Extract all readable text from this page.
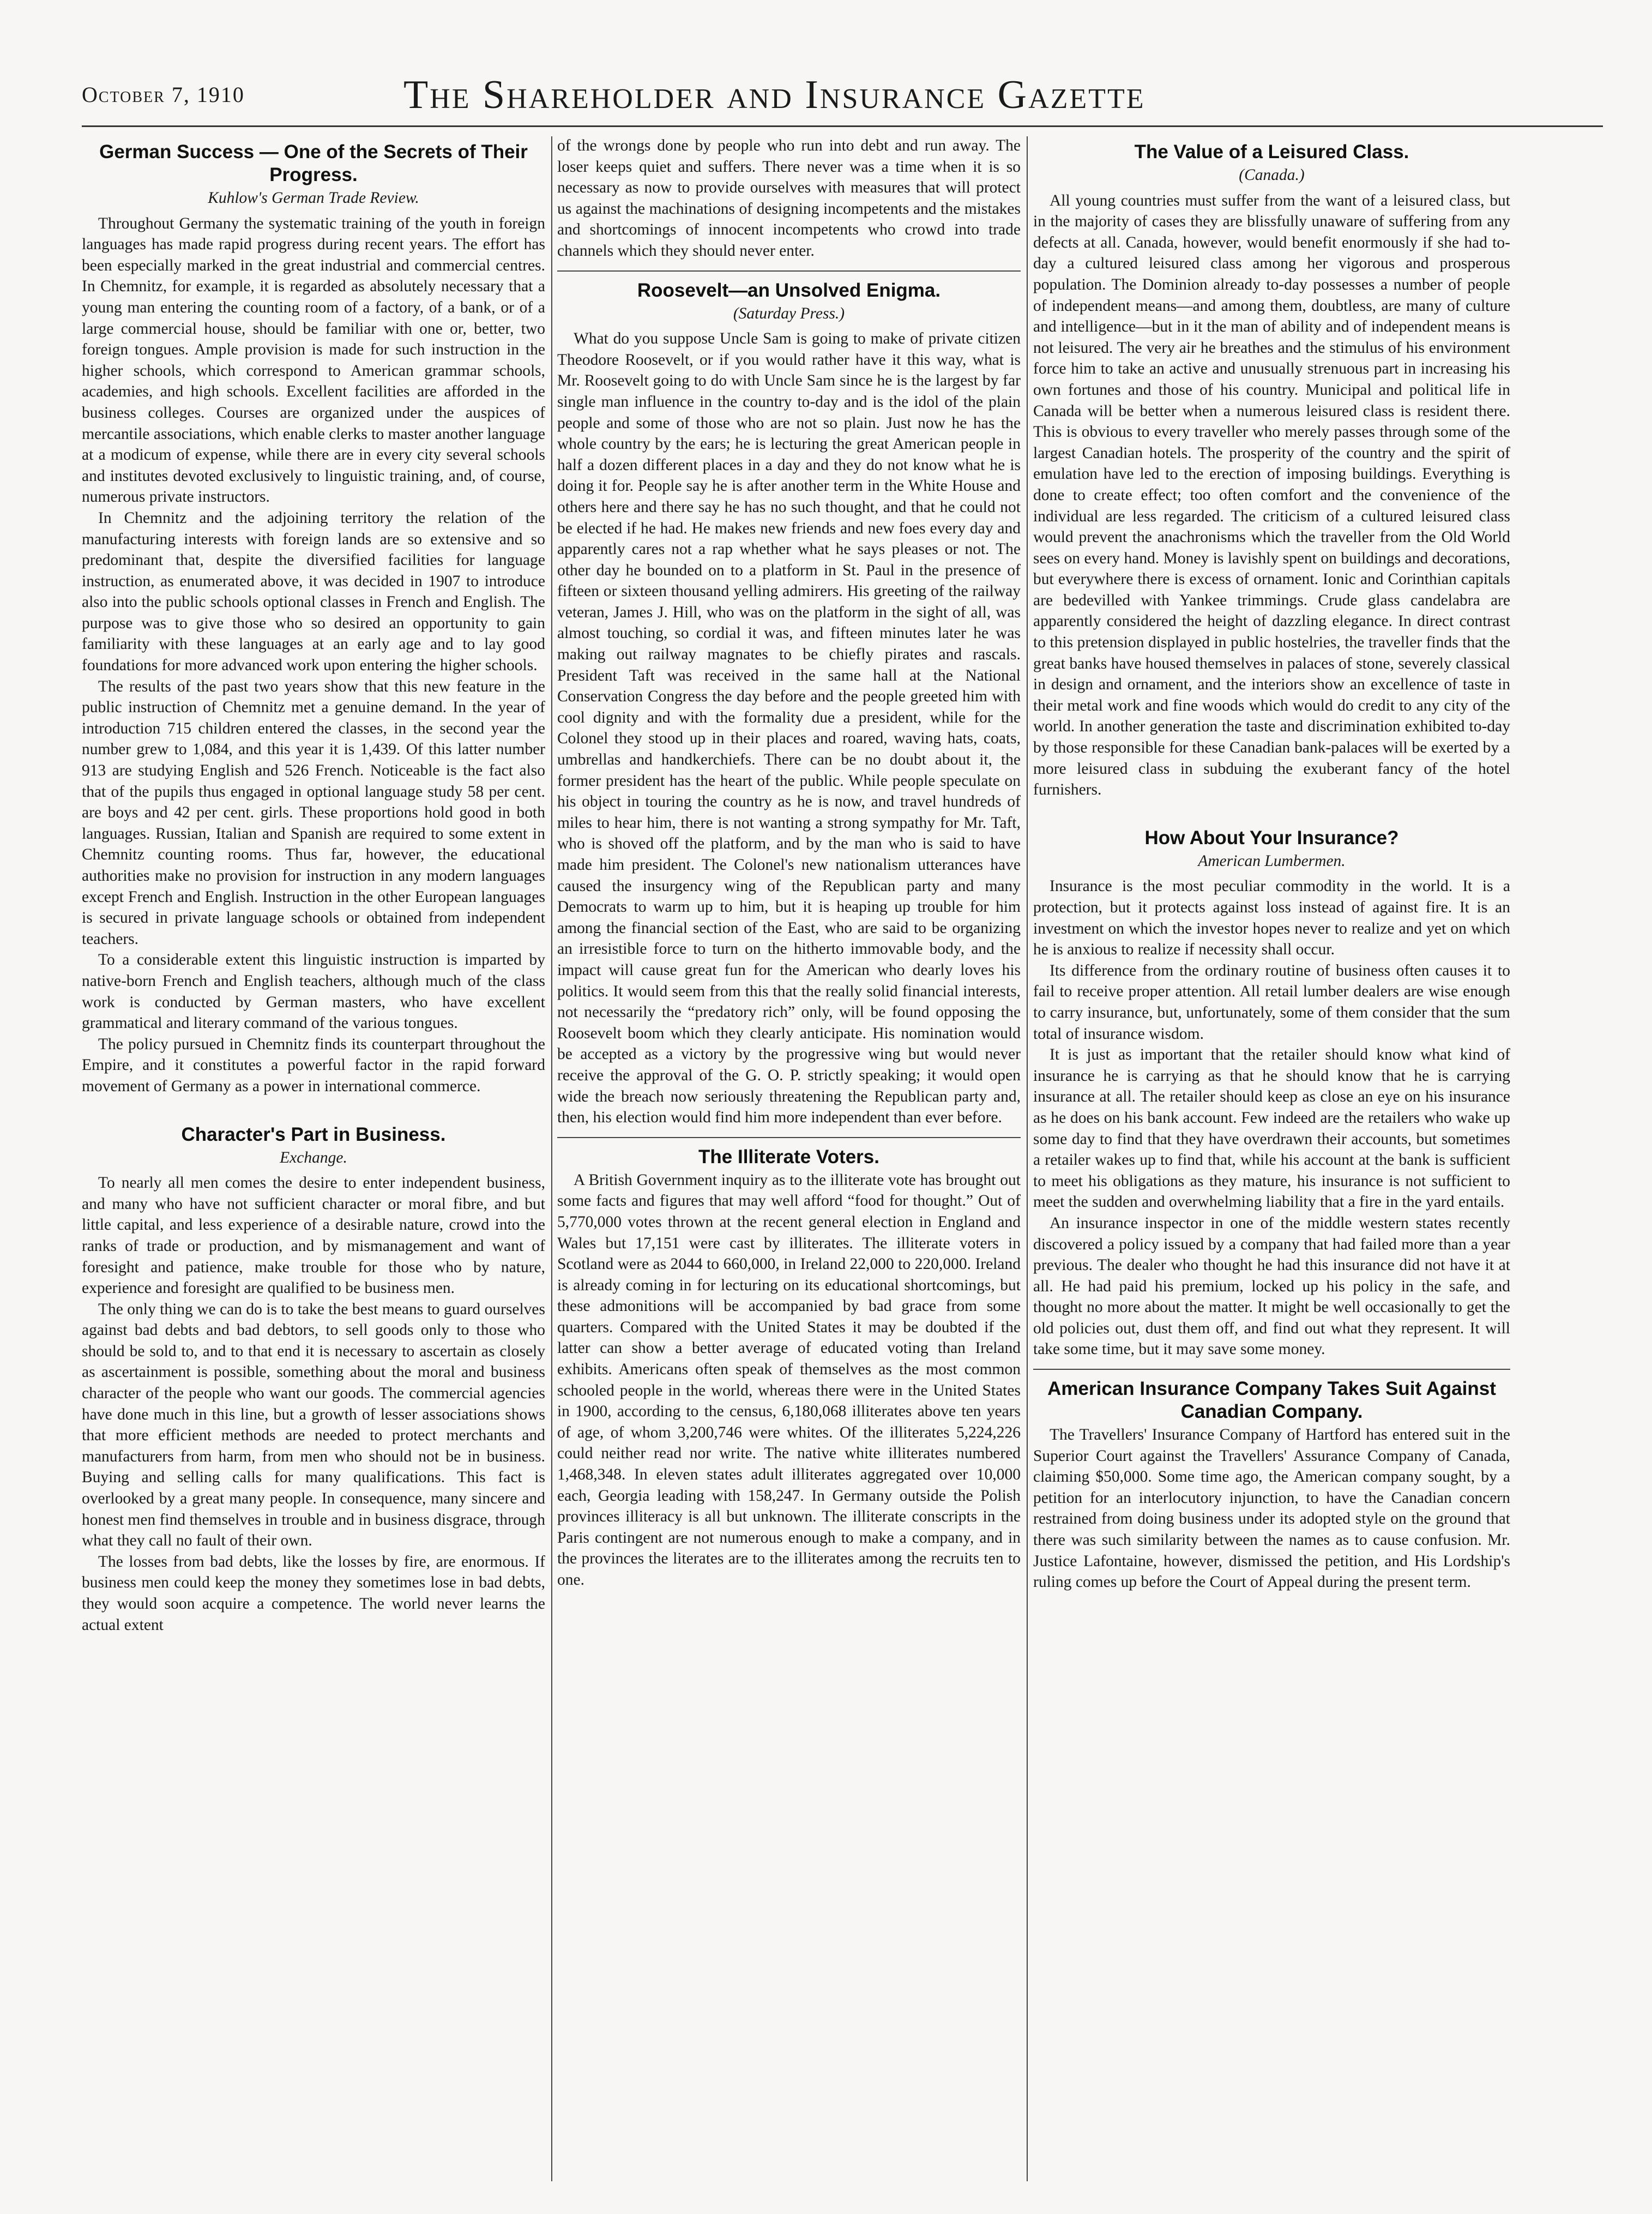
October 7, 1910	The Shareholder and Insurance Gazette
German Success — One of the Secrets of Their Progress.
Kuhlow's German Trade Review.

Throughout Germany the systematic training of the youth in foreign languages has made rapid progress during recent years. The effort has been especially marked in the great industrial and commercial centres. In Chemnitz, for example, it is regarded as absolutely necessary that a young man entering the counting room of a factory, of a bank, or of a large commercial house, should be familiar with one or, better, two foreign tongues. Ample provision is made for such instruction in the higher schools, which correspond to American grammar schools, academies, and high schools. Excellent facilities are afforded in the business colleges. Courses are organized under the auspices of mercantile associations, which enable clerks to master another language at a modicum of expense, while there are in every city several schools and institutes devoted exclusively to linguistic training, and, of course, numerous private instructors.

In Chemnitz and the adjoining territory the relation of the manufacturing interests with foreign lands are so extensive and so predominant that, despite the diversified facilities for language instruction, as enumerated above, it was decided in 1907 to introduce also into the public schools optional classes in French and English. The purpose was to give those who so desired an opportunity to gain familiarity with these languages at an early age and to lay good foundations for more advanced work upon entering the higher schools.

The results of the past two years show that this new feature in the public instruction of Chemnitz met a genuine demand. In the year of introduction 715 children entered the classes, in the second year the number grew to 1,084, and this year it is 1,439. Of this latter number 913 are studying English and 526 French. Noticeable is the fact also that of the pupils thus engaged in optional language study 58 per cent. are boys and 42 per cent. girls. These proportions hold good in both languages. Russian, Italian and Spanish are required to some extent in Chemnitz counting rooms. Thus far, however, the educational authorities make no provision for instruction in any modern languages except French and English. Instruction in the other European languages is secured in private language schools or obtained from independent teachers.

To a considerable extent this linguistic instruction is imparted by native-born French and English teachers, although much of the class work is conducted by German masters, who have excellent grammatical and literary command of the various tongues.

The policy pursued in Chemnitz finds its counterpart throughout the Empire, and it constitutes a powerful factor in the rapid forward movement of Germany as a power in international commerce.

Character's Part in Business.
Exchange.

To nearly all men comes the desire to enter independent business, and many who have not sufficient character or moral fibre, and but little capital, and less experience of a desirable nature, crowd into the ranks of trade or production, and by mismanagement and want of foresight and patience, make trouble for those who by nature, experience and foresight are qualified to be business men.

The only thing we can do is to take the best means to guard ourselves against bad debts and bad debtors, to sell goods only to those who should be sold to, and to that end it is necessary to ascertain as closely as ascertainment is possible, something about the moral and business character of the people who want our goods. The commercial agencies have done much in this line, but a growth of lesser associations shows that more efficient methods are needed to protect merchants and manufacturers from harm, from men who should not be in business. Buying and selling calls for many qualifications. This fact is overlooked by a great many people. In consequence, many sincere and honest men find themselves in trouble and in business disgrace, through what they call no fault of their own.

The losses from bad debts, like the losses by fire, are enormous. If business men could keep the money they sometimes lose in bad debts, they would soon acquire a competence. The world never learns the actual extent

of the wrongs done by people who run into debt and run away. The loser keeps quiet and suffers. There never was a time when it is so necessary as now to provide ourselves with measures that will protect us against the machinations of designing incompetents and the mistakes and shortcomings of innocent incompetents who crowd into trade channels which they should never enter.

Roosevelt—an Unsolved Enigma.
(Saturday Press.)

What do you suppose Uncle Sam is going to make of private citizen Theodore Roosevelt, or if you would rather have it this way, what is Mr. Roosevelt going to do with Uncle Sam since he is the largest by far single man influence in the country to-day and is the idol of the plain people and some of those who are not so plain. Just now he has the whole country by the ears; he is lecturing the great American people in half a dozen different places in a day and they do not know what he is doing it for. People say he is after another term in the White House and others here and there say he has no such thought, and that he could not be elected if he had. He makes new friends and new foes every day and apparently cares not a rap whether what he says pleases or not. The other day he bounded on to a platform in St. Paul in the presence of fifteen or sixteen thousand yelling admirers. His greeting of the railway veteran, James J. Hill, who was on the platform in the sight of all, was almost touching, so cordial it was, and fifteen minutes later he was making out railway magnates to be chiefly pirates and rascals. President Taft was received in the same hall at the National Conservation Congress the day before and the people greeted him with cool dignity and with the formality due a president, while for the Colonel they stood up in their places and roared, waving hats, coats, umbrellas and handkerchiefs. There can be no doubt about it, the former president has the heart of the public. While people speculate on his object in touring the country as he is now, and travel hundreds of miles to hear him, there is not wanting a strong sympathy for Mr. Taft, who is shoved off the platform, and by the man who is said to have made him president. The Colonel's new nationalism utterances have caused the insurgency wing of the Republican party and many Democrats to warm up to him, but it is heaping up trouble for him among the financial section of the East, who are said to be organizing an irresistible force to turn on the hitherto immovable body, and the impact will cause great fun for the American who dearly loves his politics. It would seem from this that the really solid financial interests, not necessarily the “predatory rich” only, will be found opposing the Roosevelt boom which they clearly anticipate. His nomination would be accepted as a victory by the progressive wing but would never receive the approval of the G. O. P. strictly speaking; it would open wide the breach now seriously threatening the Republican party and, then, his election would find him more independent than ever before.

The Illiterate Voters.

A British Government inquiry as to the illiterate vote has brought out some facts and figures that may well afford “food for thought.” Out of 5,770,000 votes thrown at the recent general election in England and Wales but 17,151 were cast by illiterates. The illiterate voters in Scotland were as 2044 to 660,000, in Ireland 22,000 to 220,000. Ireland is already coming in for lecturing on its educational shortcomings, but these admonitions will be accompanied by bad grace from some quarters. Compared with the United States it may be doubted if the latter can show a better average of educated voting than Ireland exhibits. Americans often speak of themselves as the most common schooled people in the world, whereas there were in the United States in 1900, according to the census, 6,180,068 illiterates above ten years of age, of whom 3,200,746 were whites. Of the illiterates 5,224,226 could neither read nor write. The native white illiterates numbered 1,468,348. In eleven states adult illiterates aggregated over 10,000 each, Georgia leading with 158,247. In Germany outside the Polish provinces illiteracy is all but unknown. The illiterate conscripts in the Paris contingent are not numerous enough to make a company, and in the provinces the literates are to the illiterates among the recruits ten to one.

The Value of a Leisured Class.
(Canada.)

All young countries must suffer from the want of a leisured class, but in the majority of cases they are blissfully unaware of suffering from any defects at all. Canada, however, would benefit enormously if she had to-day a cultured leisured class among her vigorous and prosperous population. The Dominion already to-day possesses a number of people of independent means—and among them, doubtless, are many of culture and intelligence—but in it the man of ability and of independent means is not leisured. The very air he breathes and the stimulus of his environment force him to take an active and unusually strenuous part in increasing his own fortunes and those of his country. Municipal and political life in Canada will be better when a numerous leisured class is resident there. This is obvious to every traveller who merely passes through some of the largest Canadian hotels. The prosperity of the country and the spirit of emulation have led to the erection of imposing buildings. Everything is done to create effect; too often comfort and the convenience of the individual are less regarded. The criticism of a cultured leisured class would prevent the anachronisms which the traveller from the Old World sees on every hand. Money is lavishly spent on buildings and decorations, but everywhere there is excess of ornament. Ionic and Corinthian capitals are bedevilled with Yankee trimmings. Crude glass candelabra are apparently considered the height of dazzling elegance. In direct contrast to this pretension displayed in public hostelries, the traveller finds that the great banks have housed themselves in palaces of stone, severely classical in design and ornament, and the interiors show an excellence of taste in their metal work and fine woods which would do credit to any city of the world. In another generation the taste and discrimination exhibited to-day by those responsible for these Canadian bank-palaces will be exerted by a more leisured class in subduing the exuberant fancy of the hotel furnishers.

How About Your Insurance?
American Lumbermen.

Insurance is the most peculiar commodity in the world. It is a protection, but it protects against loss instead of against fire. It is an investment on which the investor hopes never to realize and yet on which he is anxious to realize if necessity shall occur.

Its difference from the ordinary routine of business often causes it to fail to receive proper attention. All retail lumber dealers are wise enough to carry insurance, but, unfortunately, some of them consider that the sum total of insurance wisdom.

It is just as important that the retailer should know what kind of insurance he is carrying as that he should know that he is carrying insurance at all. The retailer should keep as close an eye on his insurance as he does on his bank account. Few indeed are the retailers who wake up some day to find that they have overdrawn their accounts, but sometimes a retailer wakes up to find that, while his account at the bank is sufficient to meet his obligations as they mature, his insurance is not sufficient to meet the sudden and overwhelming liability that a fire in the yard entails.

An insurance inspector in one of the middle western states recently discovered a policy issued by a company that had failed more than a year previous. The dealer who thought he had this insurance did not have it at all. He had paid his premium, locked up his policy in the safe, and thought no more about the matter. It might be well occasionally to get the old policies out, dust them off, and find out what they represent. It will take some time, but it may save some money.

American Insurance Company Takes Suit Against Canadian Company.

The Travellers' Insurance Company of Hartford has entered suit in the Superior Court against the Travellers' Assurance Company of Canada, claiming $50,000. Some time ago, the American company sought, by a petition for an interlocutory injunction, to have the Canadian concern restrained from doing business under its adopted style on the ground that there was such similarity between the names as to cause confusion. Mr. Justice Lafontaine, however, dismissed the petition, and His Lordship's ruling comes up before the Court of Appeal during the present term.
